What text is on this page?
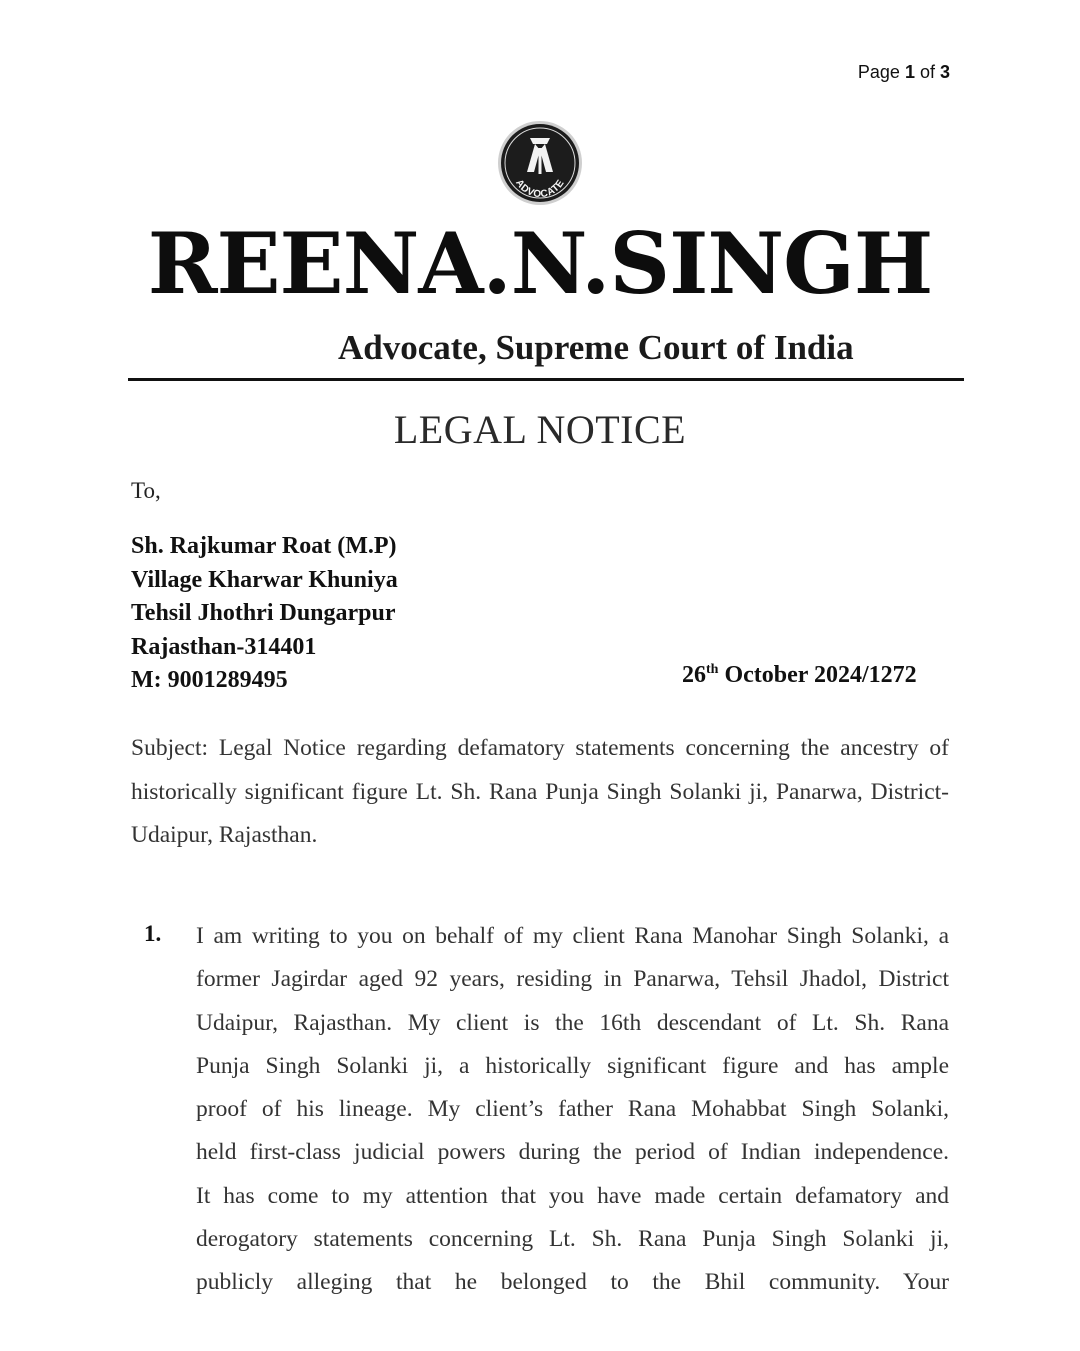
Page 1 of 3
ADVOCATE
REENA.N.SINGH
Advocate, Supreme Court of India
LEGAL NOTICE
To,
Sh. Rajkumar Roat (M.P)
Village Kharwar Khuniya
Tehsil Jhothri Dungarpur
Rajasthan-314401
M: 9001289495	26th October 2024/1272
Subject: Legal Notice regarding defamatory statements concerning the ancestry of historically significant figure Lt. Sh. Rana Punja Singh Solanki ji, Panarwa, District- Udaipur, Rajasthan.
1. I am writing to you on behalf of my client Rana Manohar Singh Solanki, a
former Jagirdar aged 92 years, residing in Panarwa, Tehsil Jhadol, District
Udaipur, Rajasthan. My client is the 16th descendant of Lt. Sh. Rana
Punja Singh Solanki ji, a historically significant figure and has ample
proof of his lineage. My client’s father Rana Mohabbat Singh Solanki,
held first-class judicial powers during the period of Indian independence.
It has come to my attention that you have made certain defamatory and
derogatory statements concerning Lt. Sh. Rana Punja Singh Solanki ji,
publicly alleging that he belonged to the Bhil community. Your
